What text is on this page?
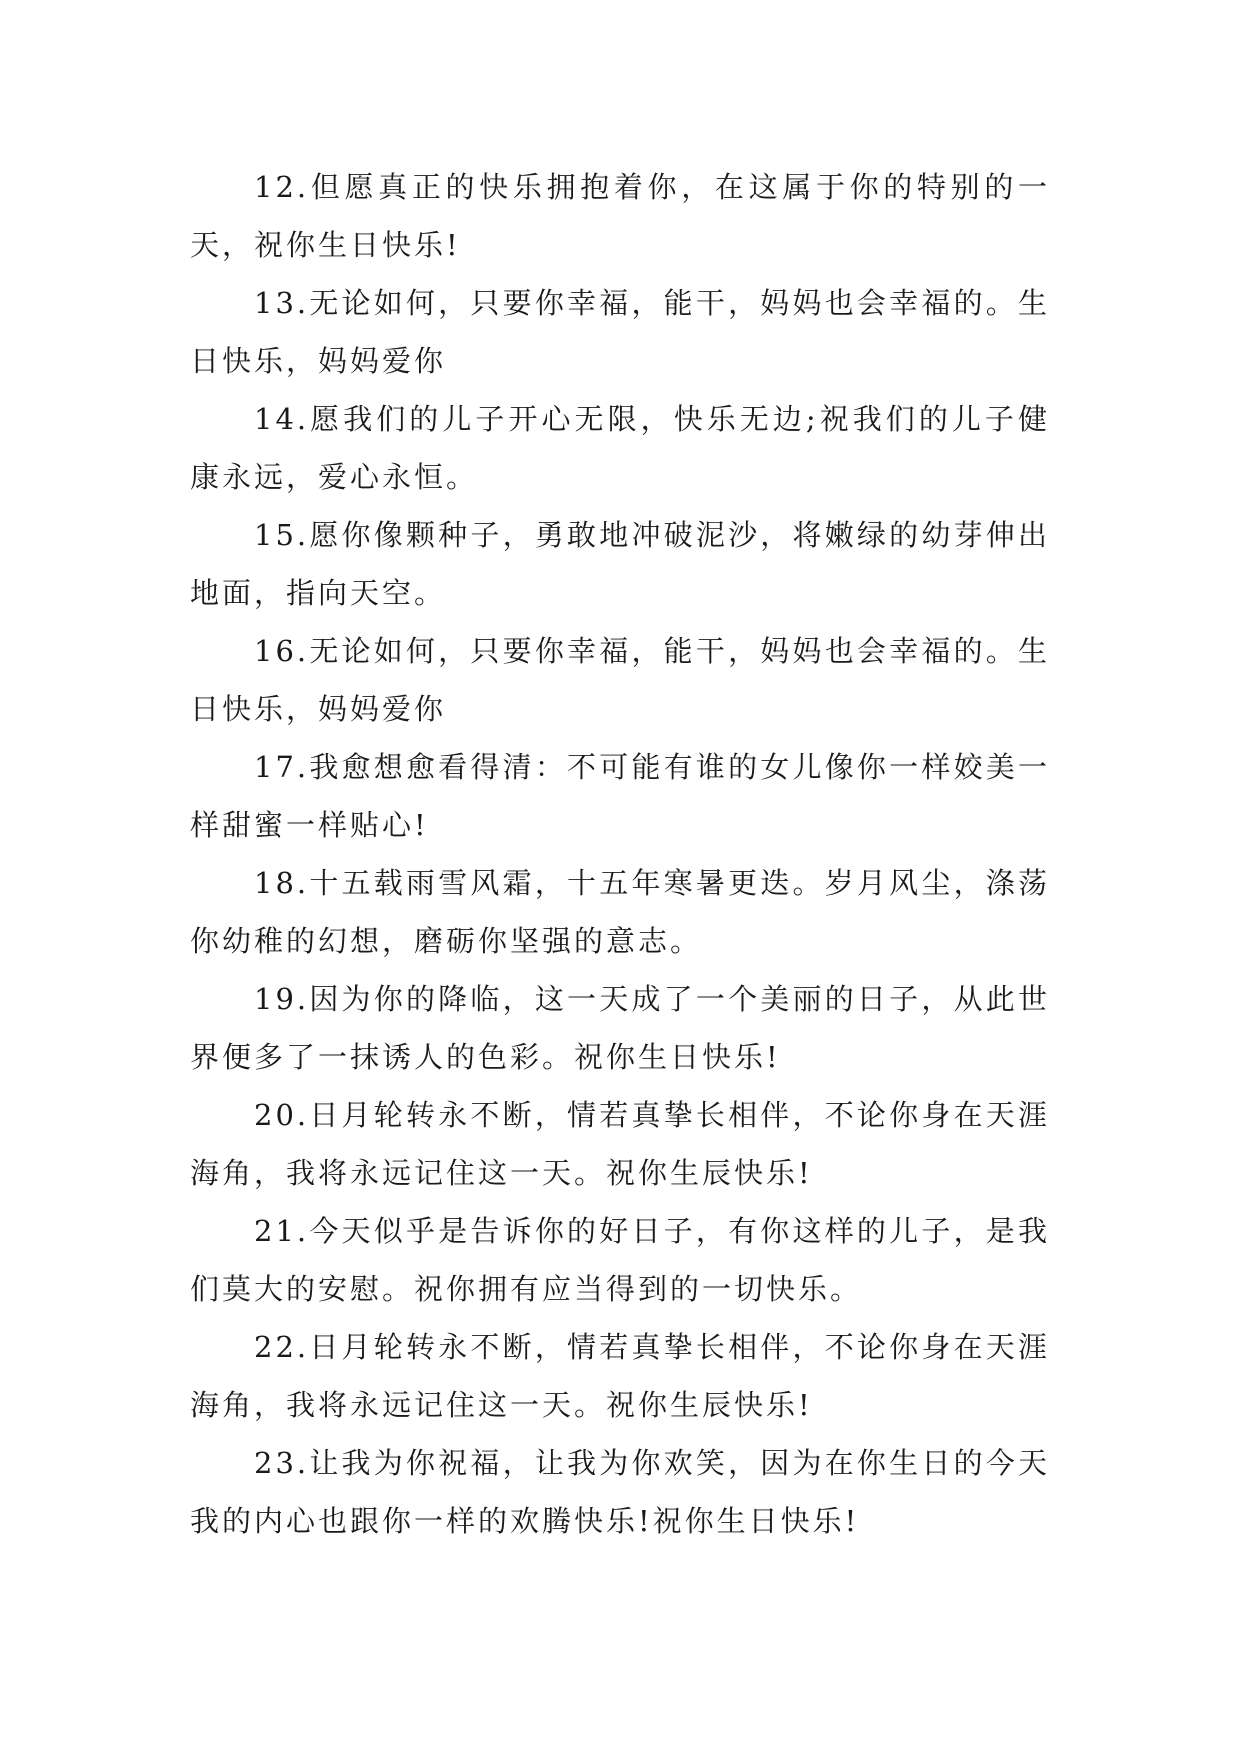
12.但愿真正的快乐拥抱着你，在这属于你的特别的一天，祝你生日快乐!

13.无论如何，只要你幸福，能干，妈妈也会幸福的。生日快乐，妈妈爱你

14.愿我们的儿子开心无限，快乐无边;祝我们的儿子健康永远，爱心永恒。

15.愿你像颗种子，勇敢地冲破泥沙，将嫩绿的幼芽伸出地面，指向天空。

16.无论如何，只要你幸福，能干，妈妈也会幸福的。生日快乐，妈妈爱你

17.我愈想愈看得清：不可能有谁的女儿像你一样姣美一样甜蜜一样贴心!

18.十五载雨雪风霜，十五年寒暑更迭。岁月风尘，涤荡你幼稚的幻想，磨砺你坚强的意志。

19.因为你的降临，这一天成了一个美丽的日子，从此世界便多了一抹诱人的色彩。祝你生日快乐!

20.日月轮转永不断，情若真挚长相伴，不论你身在天涯海角，我将永远记住这一天。祝你生辰快乐!

21.今天似乎是告诉你的好日子，有你这样的儿子，是我们莫大的安慰。祝你拥有应当得到的一切快乐。

22.日月轮转永不断，情若真挚长相伴，不论你身在天涯海角，我将永远记住这一天。祝你生辰快乐!

23.让我为你祝福，让我为你欢笑，因为在你生日的今天我的内心也跟你一样的欢腾快乐!祝你生日快乐!
